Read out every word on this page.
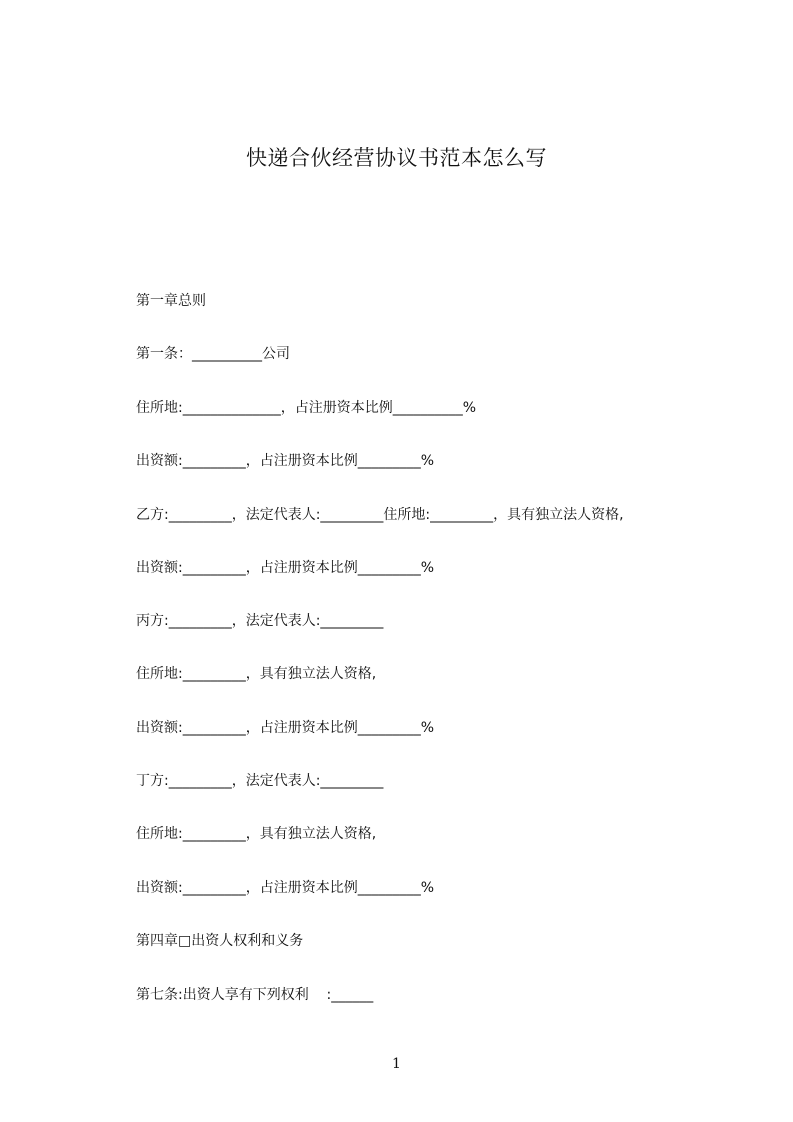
快递合伙经营协议书范本怎么写
第一章总则
第一条：__________公司
住所地:______________，占注册资本比例__________%
出资额:_________，占注册资本比例_________%
乙方:_________，法定代表人:_________住所地:_________，具有独立法人资格,
出资额:_________，占注册资本比例_________%
丙方:_________，法定代表人:_________
住所地:_________，具有独立法人资格,
出资额:_________，占注册资本比例_________%
丁方:_________，法定代表人:_________
住所地:_________，具有独立法人资格,
出资额:_________，占注册资本比例_________%
第四章□出资人权利和义务
第七条:出资人享有下列权利    :______
1
